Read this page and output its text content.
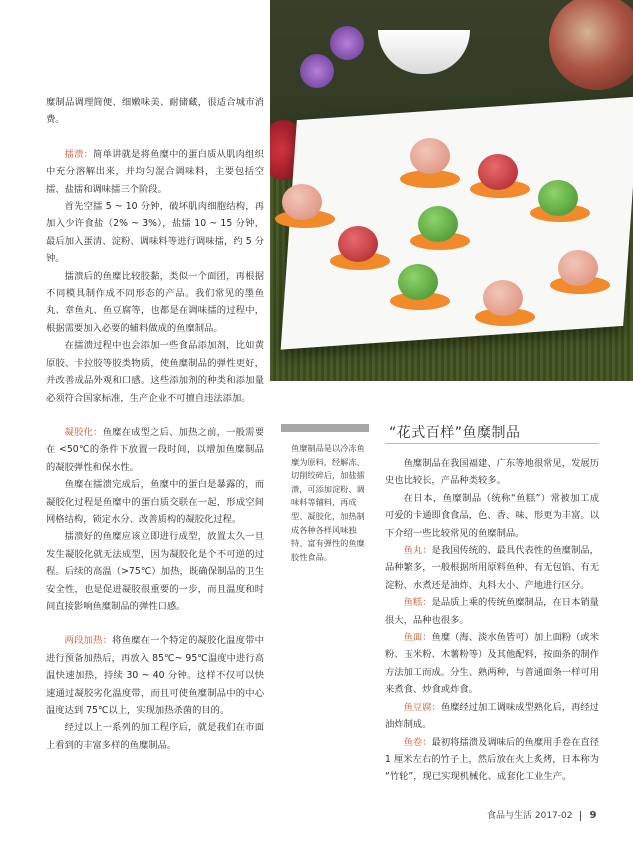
糜制品调理简便、细嫩味美、耐储藏，很适合城市消费。

擂溃：简单讲就是将鱼糜中的蛋白质从肌肉组织中充分溶解出来，并均匀混合调味料，主要包括空擂、盐擂和调味擂三个阶段。

首先空擂 5 ~ 10 分钟，破坏肌肉细胞结构，再加入少许食盐（2% ~ 3%），盐擂 10 ~ 15 分钟，最后加入蛋清、淀粉、调味料等进行调味擂，约 5 分钟。

擂溃后的鱼糜比较胶黏，类似一个面团，再根据不同模具制作成不同形态的产品。我们常见的墨鱼丸、章鱼丸、鱼豆腐等，也都是在调味擂的过程中，根据需要加入必要的辅料做成的鱼糜制品。

在擂溃过程中也会添加一些食品添加剂，比如黄原胶、卡拉胶等胶类物质，使鱼糜制品的弹性更好，并改善成品外观和口感。这些添加剂的种类和添加量必须符合国家标准，生产企业不可擅自违法添加。

凝胶化：鱼糜在成型之后、加热之前，一般需要在 <50℃的条件下放置一段时间，以增加鱼糜制品的凝胶弹性和保水性。

鱼糜在擂溃完成后，鱼糜中的蛋白是暴露的，而凝胶化过程是鱼糜中的蛋白质交联在一起，形成空间网格结构，锁定水分、改善质构的凝胶化过程。

擂溃好的鱼糜应该立即进行成型，放置太久一旦发生凝胶化就无法成型，因为凝胶化是个不可逆的过程。后续的高温（>75℃）加热，既确保制品的卫生安全性，也是促进凝胶很重要的一步，而且温度和时间直接影响鱼糜制品的弹性口感。

两段加热：将鱼糜在一个特定的凝胶化温度带中进行预备加热后，再放入 85℃~ 95℃温度中进行高温快速加热，持续 30 ~ 40 分钟。这样不仅可以快速通过凝胶劣化温度带，而且可使鱼糜制品中的中心温度达到 75℃以上，实现加热杀菌的目的。

经过以上一系列的加工程序后，就是我们在市面上看到的丰富多样的鱼糜制品。

鱼糜制品是以冷冻鱼糜为原料，经解冻、切削绞碎后，加盐擂溃，可添加淀粉、调味料等辅料，再成型、凝胶化，加热制成各种各样风味独特、富有弹性的鱼糜胶性食品。
“花式百样”鱼糜制品

鱼糜制品在我国福建、广东等地很常见，发展历史也比较长，产品种类较多。

在日本，鱼糜制品（统称“鱼糕”）常被加工成可爱的卡通即食食品，色、香、味、形更为丰富。以下介绍一些比较常见的鱼糜制品。

鱼丸：是我国传统的、最具代表性的鱼糜制品，品种繁多，一般根据所用原料鱼种、有无包馅、有无淀粉、水煮还是油炸、丸料大小、产地进行区分。

鱼糕：是品质上乘的传统鱼糜制品，在日本销量很大，品种也很多。

鱼面：鱼糜（海、淡水鱼皆可）加上面粉（或米粉、玉米粉、木薯粉等）及其他配料，按面条的制作方法加工而成。分生、熟两种，与普通面条一样可用来煮食、炒食或炸食。

鱼豆腐：鱼糜经过加工调味成型熟化后，再经过油炸制成。

鱼卷：最初将擂溃及调味后的鱼糜用手卷在直径 1 厘米左右的竹子上，然后放在火上炙烤，日本称为 “竹轮”，现已实现机械化、成套化工业生产。

食品与生活 2017-02 9
